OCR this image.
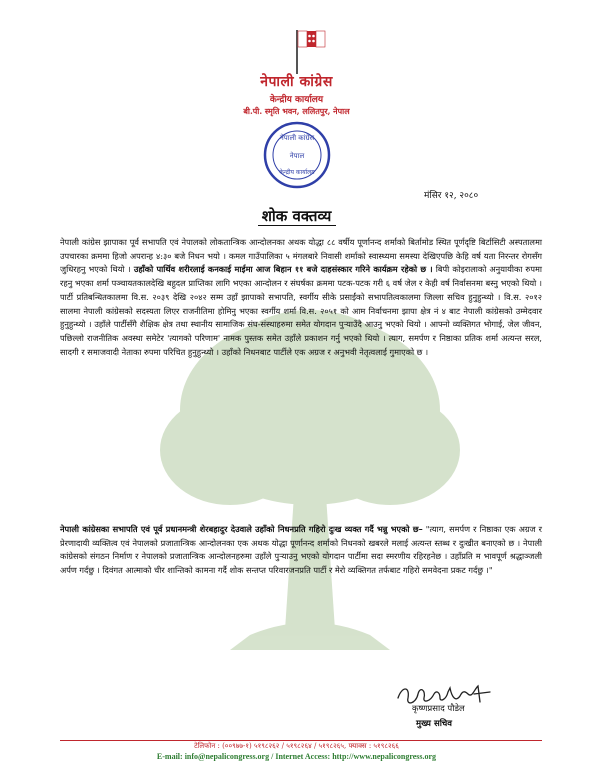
नेपाली कांग्रेस
केन्द्रीय कार्यालय
बी.पी. स्मृति भवन, ललितपुर, नेपाल
नेपाली कांग्रेस
नेपाल
केन्द्रीय कार्यालय
मंसिर १२, २०८०
शोक वक्तव्य
नेपाली कांग्रेस झापाका पूर्व सभापति एवं नेपालको लोकतान्त्रिक आन्दोलनका अथक योद्धा ८८ वर्षीय पूर्णानन्द शर्माको बिर्तामोड स्थित पूर्णदृष्टि बिर्टासिटी अस्पतालमा उपचारका क्रममा हिजो अपरान्ह ४:३० बजे निधन भयो । कमल गाउँपालिका ५ मंगलबारे निवासी शर्माको स्वास्थ्यमा समस्या देखिएपछि केहि वर्ष यता निरन्तर रोगसँग जुधिरहनु भएको थियो । उहाँको पार्थिव शरीरलाई कनकाई माईमा आज बिहान ११ बजे दाहसंस्कार गरिने कार्यक्रम रहेको छ । बिपी कोइरालाको अनुयायीका रुपमा रहनु भएका शर्मा पञ्चायतकालदेखि बहुदल प्राप्तिका लागि भएका आन्दोलन र संघर्षका क्रममा पटक-पटक गरी ६ वर्ष जेल र केही वर्ष निर्वासनमा बस्नु भएको थियो । पार्टी प्रतिबन्धितकालमा वि.स. २०३९ देखि २०४२ सम्म उहाँ झापाको सभापति, स्वर्गीय सीके प्रसाईंको सभापतित्वकालमा जिल्ला सचिव हुनुहुन्थ्यो । वि.स. २०१२ सालमा नेपाली कांग्रेसको सदस्यता लिएर राजनीतिमा होमिनु भएका स्वर्गीय शर्मा वि.स. २०५१ को आम निर्वाचनमा झापा क्षेत्र नं ४ बाट नेपाली कांग्रेसको उम्मेदवार हुनुहुन्थ्यो । उहाँले पार्टीसँगै शैक्षिक क्षेत्र तथा स्थानीय सामाजिक संघ-संस्थाहरुमा समेत योगदान पुऱ्याउँदै आउनु भएको थियो । आफ्नो व्यक्तिगत भोगाई, जेल जीवन, पछिल्लो राजनीतिक अवस्था समेटेर 'त्यागको परिणाम' नामक पुस्तक समेत उहाँले प्रकाशन गर्नु भएको थियो । त्याग, समर्पण र निष्ठाका प्रतिक शर्मा अत्यन्त सरल, सादगी र समाजवादी नेताका रुपमा परिचित हुनुहुन्थ्यो । उहाँको निधनबाट पार्टीले एक अग्रज र अनुभवी नेतृत्वलाई गुमाएको छ ।
नेपाली कांग्रेसका सभापति एवं पूर्व प्रधानमन्त्री शेरबहादुर देउवाले उहाँको निधनप्रति गहिरो दुःख व्यक्त गर्दै भन्नु भएको छ– "त्याग, समर्पण र निष्ठाका एक अग्रज र प्रेरणादायी व्यक्तित्व एवं नेपालको प्रजातान्त्रिक आन्दोलनका एक अथक योद्धा पूर्णानन्द शर्माको निधनको खबरले मलाई अत्यन्त स्तब्ध र दुःखीत बनाएको छ । नेपाली कांग्रेसको संगठन निर्माण र नेपालको प्रजातान्त्रिक आन्दोलनहरुमा उहाँले पुऱ्याउनु भएको योगदान पार्टीमा सदा स्मरणीय रहिरहनेछ । उहाँप्रति म भावपूर्ण श्रद्धाञ्जली अर्पण गर्दछु । दिवंगत आत्माको चीर शान्तिको कामना गर्दै शोक सन्तप्त परिवारजनप्रति पार्टी र मेरो व्यक्तिगत तर्फबाट गहिरो समवेदना प्रकट गर्दछु ।"
कृष्णप्रसाद पौडेल
मुख्य सचिव
टेलिफोन : (००९७७-१) ५१९८२६२ / ५१९८२६४ / ५१९८२६५, फ्याक्स : ५१९८२६६
E-mail: info@nepalicongress.org / Internet Access: http://www.nepalicongress.org
